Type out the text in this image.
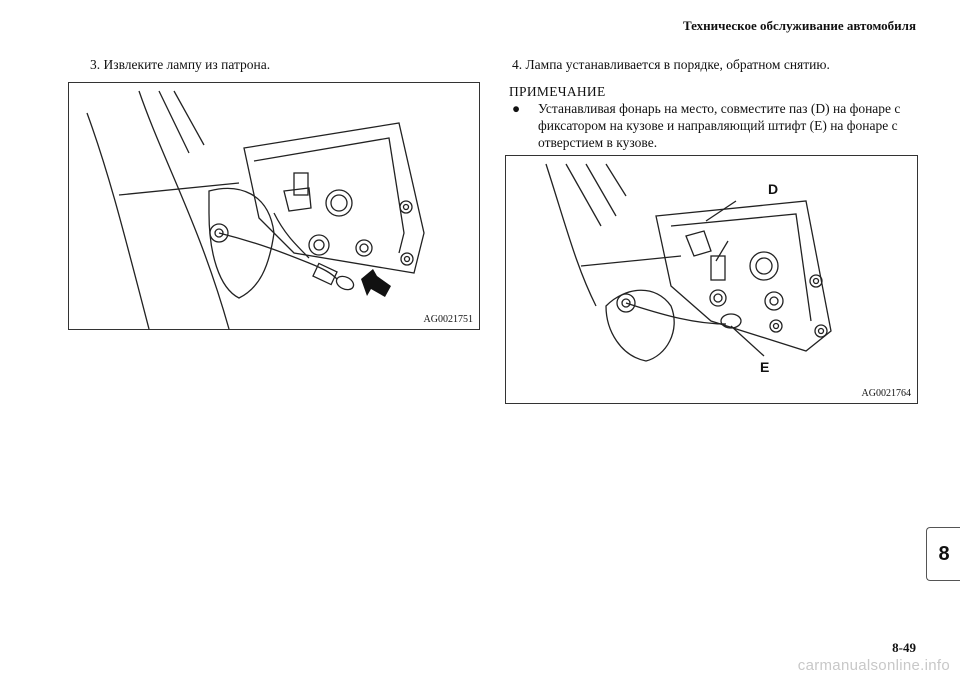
Техническое обслуживание автомобиля
3. Извлеките лампу из патрона.
AG0021751
4. Лампа устанавливается в порядке, обратном снятию.
ПРИМЕЧАНИЕ
● Устанавливая фонарь на место, совместите паз (D) на фонаре с фиксатором на кузове и направляющий штифт (E) на фонаре с отверстием в кузове.
D
E
AG0021764
8
8-49
carmanualsonline.info
